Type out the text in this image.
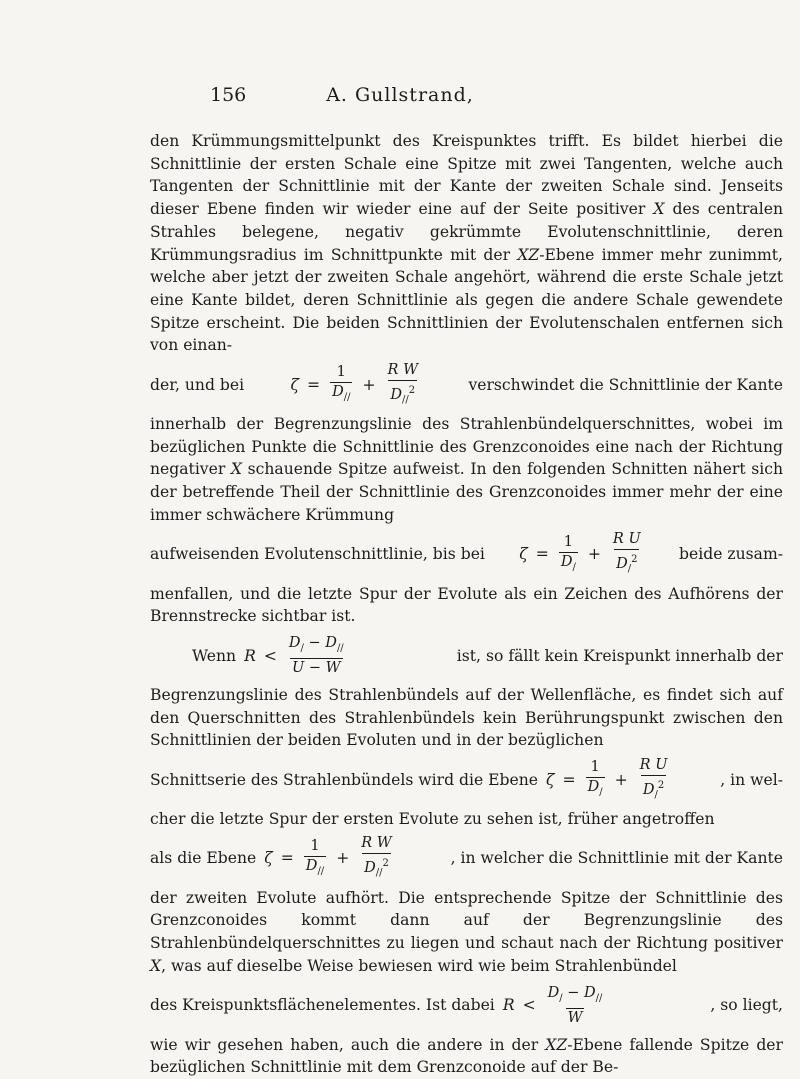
156	A. Gullstrand,

den Krümmungsmittelpunkt des Kreispunktes trifft. Es bildet hierbei die Schnittlinie der ersten Schale eine Spitze mit zwei Tangenten, welche auch Tangenten der Schnittlinie mit der Kante der zweiten Schale sind. Jenseits dieser Ebene finden wir wieder eine auf der Seite positiver X des centralen Strahles belegene, negativ gekrümmte Evolutenschnittlinie, deren Krümmungsradius im Schnittpunkte mit der XZ-Ebene immer mehr zunimmt, welche aber jetzt der zweiten Schale angehört, während die erste Schale jetzt eine Kante bildet, deren Schnittlinie als gegen die andere Schale gewendete Spitze erscheint. Die beiden Schnittlinien der Evolutenschalen entfernen sich von einan-

der, und bei	$\zeta = \frac{1}{D_{//}} + \frac{\text{R W}}{D_{//}^2}$	verschwindet die Schnittlinie der Kante

innerhalb der Begrenzungslinie des Strahlenbündelquerschnittes, wobei im bezüglichen Punkte die Schnittlinie des Grenzconoides eine nach der Richtung negativer X schauende Spitze aufweist. In den folgenden Schnitten nähert sich der betreffende Theil der Schnittlinie des Grenzconoides immer mehr der eine immer schwächere Krümmung

aufweisenden Evolutenschnittlinie, bis bei $\zeta = \frac{1}{D_/} + \frac{\text{R U}}{D_/^2}$ beide zusam-

menfallen, und die letzte Spur der Evolute als ein Zeichen des Aufhörens der Brennstrecke sichtbar ist.

Wenn $R < \frac{D_/ - D_{//}}{U - W}$	ist, so fällt kein Kreispunkt innerhalb der

Begrenzungslinie des Strahlenbündels auf der Wellenfläche, es findet sich auf den Querschnitten des Strahlenbündels kein Berührungspunkt zwischen den Schnittlinien der beiden Evoluten und in der bezüglichen

Schnittserie des Strahlenbündels wird die Ebene $\zeta = \frac{1}{D_/} + \frac{\text{R U}}{D_/^2}$	, in wel-

cher die letzte Spur der ersten Evolute zu sehen ist, früher angetroffen

als die Ebene $\zeta = \frac{1}{D_{//}} + \frac{\text{R W}}{D_{//}^2}$	, in welcher die Schnittlinie mit der Kante

der zweiten Evolute aufhört. Die entsprechende Spitze der Schnittlinie des Grenzconoides kommt dann auf der Begrenzungslinie des Strahlenbündelquerschnittes zu liegen und schaut nach der Richtung positiver X, was auf dieselbe Weise bewiesen wird wie beim Strahlenbündel

des Kreispunktsflächenelementes. Ist dabei $R < \frac{D_/ - D_{//}}{W}$	, so liegt,

wie wir gesehen haben, auch die andere in der XZ-Ebene fallende Spitze der bezüglichen Schnittlinie mit dem Grenzconoide auf der Be-
